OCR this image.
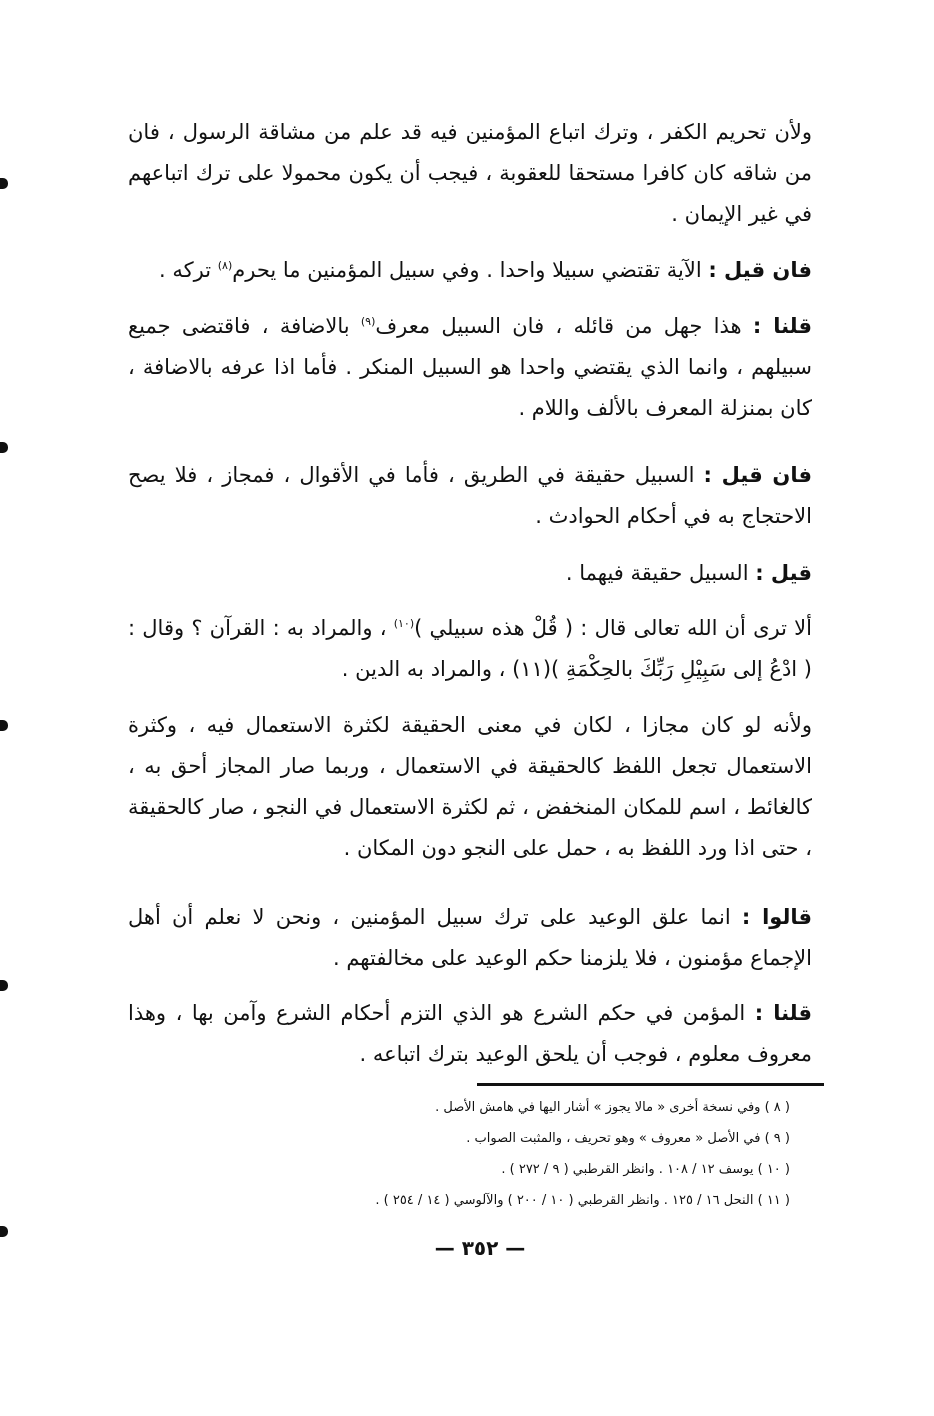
ولأن تحريم الكفر ، وترك اتباع المؤمنين فيه قد علم من مشاقة الرسول ، فان من شاقه كان كافرا مستحقا للعقوبة ، فيجب أن يكون محمولا على ترك اتباعهم في غير الإيمان .

فان قيل : الآية تقتضي سبيلا واحدا . وفي سبيل المؤمنين ما يحرم$^{(٨)}$ تركه .

قلنا : هذا جهل من قائله ، فان السبيل معرف$^{(٩)}$ بالاضافة ، فاقتضى جميع سبيلهم ، وانما الذي يقتضي واحدا هو السبيل المنكر . فأما اذا عرفه بالاضافة ، كان بمنزلة المعرف بالألف واللام .

فان قيل : السبيل حقيقة في الطريق ، فأما في الأقوال ، فمجاز ، فلا يصح الاحتجاج به في أحكام الحوادث .

قيل : السبيل حقيقة فيهما .

ألا ترى أن الله تعالى قال : ( قُلْ هذه سبيلي )$^{(١٠)}$ ، والمراد به : القرآن ؟ وقال : ( ادْعُ إلى سَبِيْلِ رَبِّكَ بالحِكْمَةِ )(١١) ، والمراد به الدين .

ولأنه لو كان مجازا ، لكان في معنى الحقيقة لكثرة الاستعمال فيه ، وكثرة الاستعمال تجعل اللفظ كالحقيقة في الاستعمال ، وربما صار المجاز أحق به ، كالغائط ، اسم للمكان المنخفض ، ثم لكثرة الاستعمال في النجو ، صار كالحقيقة ، حتى اذا ورد اللفظ به ، حمل على النجو دون المكان .

قالوا : انما علق الوعيد على ترك سبيل المؤمنين ، ونحن لا نعلم أن أهل الإجماع مؤمنون ، فلا يلزمنا حكم الوعيد على مخالفتهم .

قلنا : المؤمن في حكم الشرع هو الذي التزم أحكام الشرع وآمن بها ، وهذا معروف معلوم ، فوجب أن يلحق الوعيد بترك اتباعه .

( ٨ ) وفي نسخة أخرى « مالا يجوز » أشار اليها في هامش الأصل .
( ٩ ) في الأصل « معروف » وهو تحريف ، والمثبت الصواب .
( ١٠ ) يوسف ١٢ / ١٠٨ . وانظر القرطبي ( ٩ / ٢٧٢ ) .
( ١١ ) النحل ١٦ / ١٢٥ . وانظر القرطبي ( ١٠ / ٢٠٠ ) والآلوسي ( ١٤ / ٢٥٤ ) .
— ٣٥٢ —
